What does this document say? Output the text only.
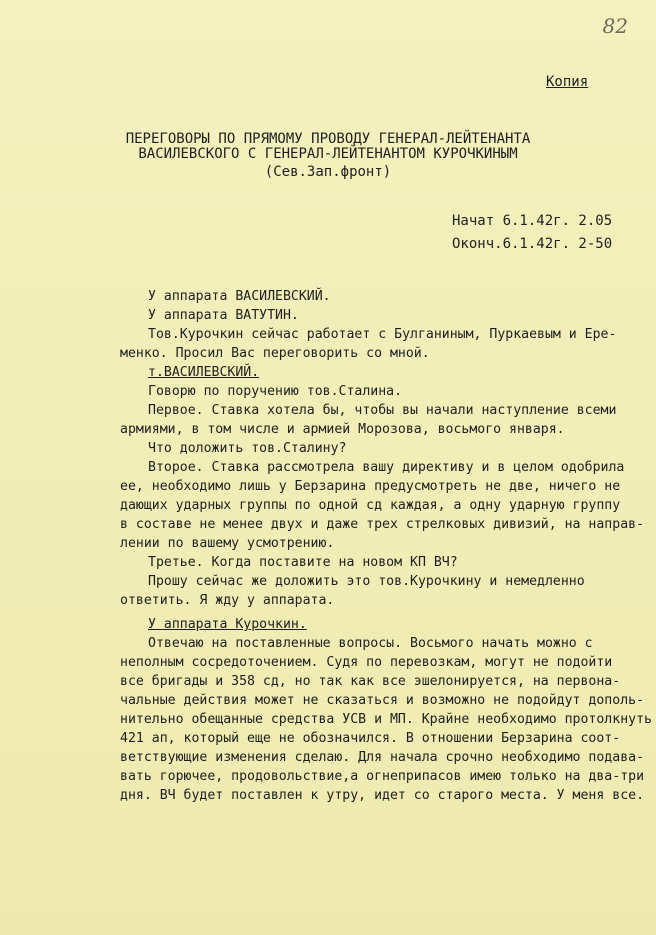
82
Копия
ПЕРЕГОВОРЫ ПО ПРЯМОМУ ПРОВОДУ ГЕНЕРАЛ-ЛЕЙТЕНАНТА
ВАСИЛЕВСКОГО С ГЕНЕРАЛ-ЛЕЙТЕНАНТОМ КУРОЧКИНЫМ
(Сев.Зап.фронт)
Начат 6.1.42г. 2.05
Оконч.6.1.42г. 2-50

У аппарата ВАСИЛЕВСКИЙ.

У аппарата ВАТУТИН.

Тов.Курочкин сейчас работает с Булганиным, Пуркаевым и Ере-

менко. Просил Вас переговорить со мной.

т.ВАСИЛЕВСКИЙ.

Говорю по поручению тов.Сталина.

Первое. Ставка хотела бы, чтобы вы начали наступление всеми

армиями, в том числе и армией Морозова, восьмого января.

Что доложить тов.Сталину?

Второе. Ставка рассмотрела вашу директиву и в целом одобрила

ее, необходимо лишь у Берзарина предусмотреть не две, ничего не

дающих ударных группы по одной сд каждая, а одну ударную группу

в составе не менее двух и даже трех стрелковых дивизий, на направ-

лении по вашему усмотрению.

Третье. Когда поставите на новом КП ВЧ?

Прошу сейчас же доложить это тов.Курочкину и немедленно

ответить. Я жду у аппарата.

У аппарата Курочкин.

Отвечаю на поставленные вопросы. Восьмого начать можно с

неполным сосредоточением. Судя по перевозкам, могут не подойти

все бригады и 358 сд, но так как все эшелонируется, на первона-

чальные действия может не сказаться и возможно не подойдут дополь-

нительно обещанные средства УСВ и МП. Крайне необходимо протолкнуть

421 ап, который еще не обозначился. В отношении Берзарина соот-

ветствующие изменения сделаю. Для начала срочно необходимо подава-

вать горючее, продовольствие,а огнеприпасов имею только на два-три

дня. ВЧ будет поставлен к утру, идет со старого места. У меня все.
